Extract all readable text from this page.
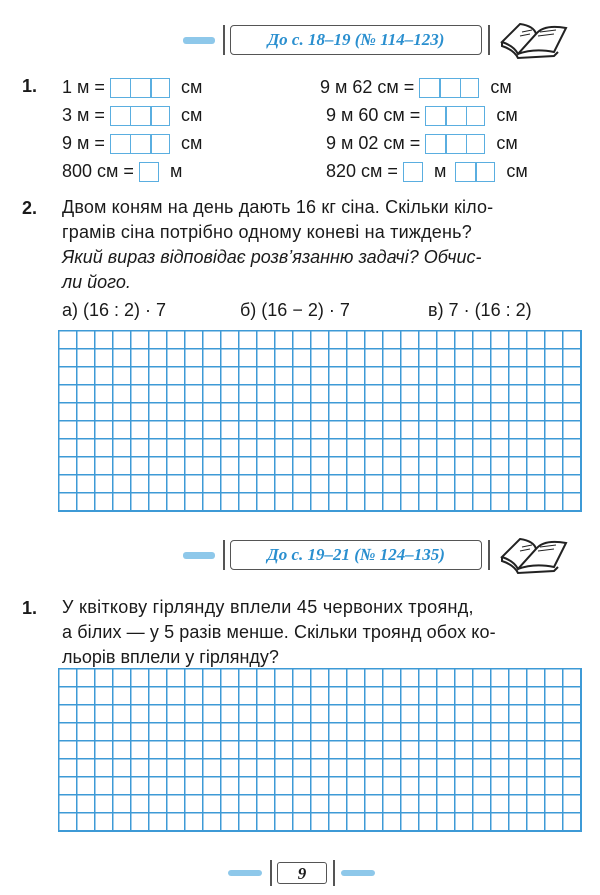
До с. 18–19 (№ 114–123)
1. 1 м =	см	9 м 62 см =	см
3 м =	см	9 м 60 см =	см
9 м =	см	9 м 02 см =	см
800 см = м	820 см = м	см
2. Двом коням на день дають 16 кг сіна. Скільки кіло-
грамів сіна потрібно одному коневі на тиждень?
Який вираз відповідає розв’язанню задачі? Обчис-
ли його.
а) (16 : 2) · 7	б) (16 − 2) · 7	в) 7 · (16 : 2)
До с. 19–21 (№ 124–135)
1. У квіткову гірлянду вплели 45 червоних троянд,
а білих — у 5 разів менше. Скільки троянд обох ко-
льорів вплели у гірлянду?
9
